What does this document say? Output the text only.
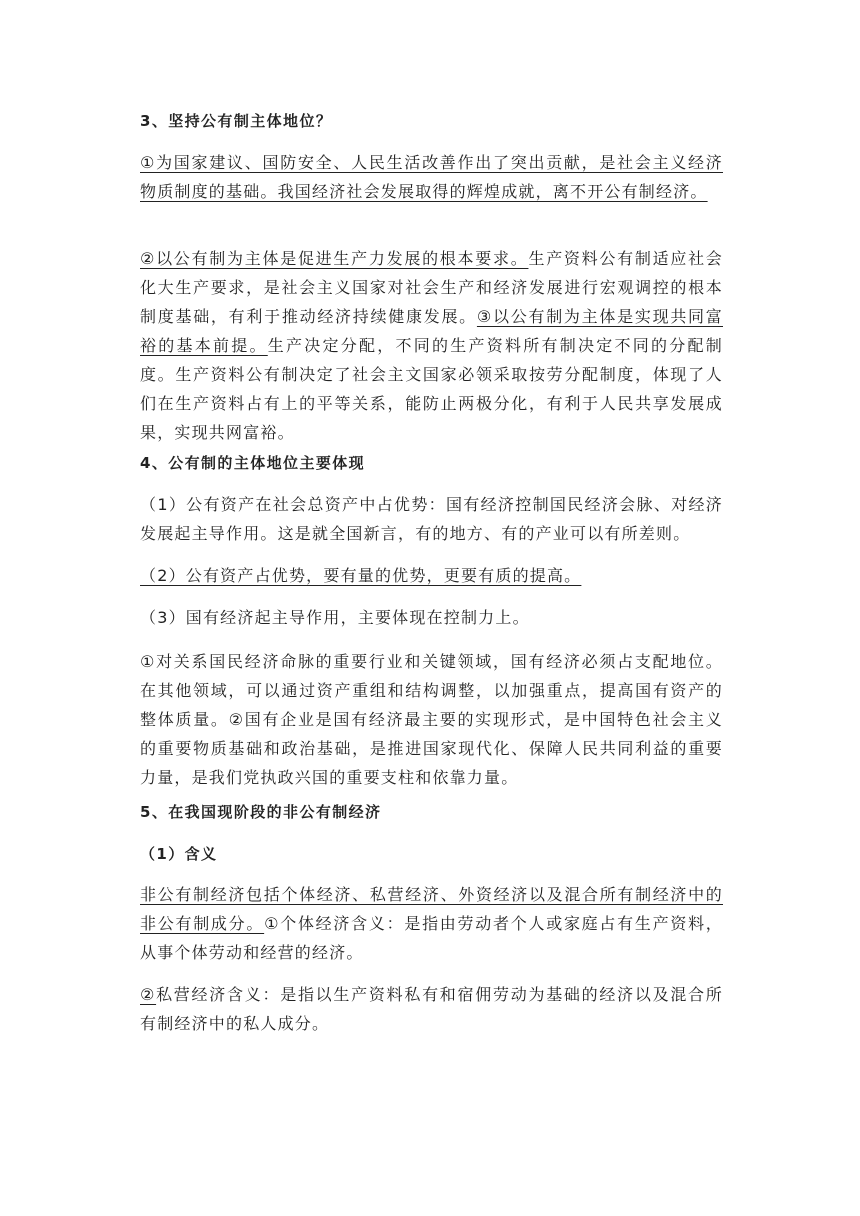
3、坚持公有制主体地位？
①为国家建议、国防安全、人民生活改善作出了突出贡献，是社会主义经济物质制度的基础。我国经济社会发展取得的辉煌成就，离不开公有制经济。
②以公有制为主体是促进生产力发展的根本要求。生产资料公有制适应社会化大生产要求，是社会主义国家对社会生产和经济发展进行宏观调控的根本制度基础，有利于推动经济持续健康发展。③以公有制为主体是实现共同富裕的基本前提。生产决定分配，不同的生产资料所有制决定不同的分配制度。生产资料公有制决定了社会主文国家必领采取按劳分配制度，体现了人们在生产资料占有上的平等关系，能防止两极分化，有利于人民共享发展成果，实现共网富裕。
4、公有制的主体地位主要体现
（1）公有资产在社会总资产中占优势：国有经济控制国民经济会脉、对经济发展起主导作用。这是就全国新言，有的地方、有的产业可以有所差则。
（2）公有资产占优势，要有量的优势，更要有质的提高。
（3）国有经济起主导作用，主要体现在控制力上。
①对关系国民经济命脉的重要行业和关键领域，国有经济必须占支配地位。在其他领域，可以通过资产重组和结构调整，以加强重点，提高国有资产的整体质量。②国有企业是国有经济最主要的实现形式，是中国特色社会主义的重要物质基础和政治基础，是推进国家现代化、保障人民共同利益的重要力量，是我们党执政兴国的重要支柱和依靠力量。
5、在我国现阶段的非公有制经济
（1）含义
非公有制经济包括个体经济、私营经济、外资经济以及混合所有制经济中的非公有制成分。①个体经济含义：是指由劳动者个人或家庭占有生产资料，从事个体劳动和经营的经济。
②私营经济含义：是指以生产资料私有和宿佣劳动为基础的经济以及混合所有制经济中的私人成分。
